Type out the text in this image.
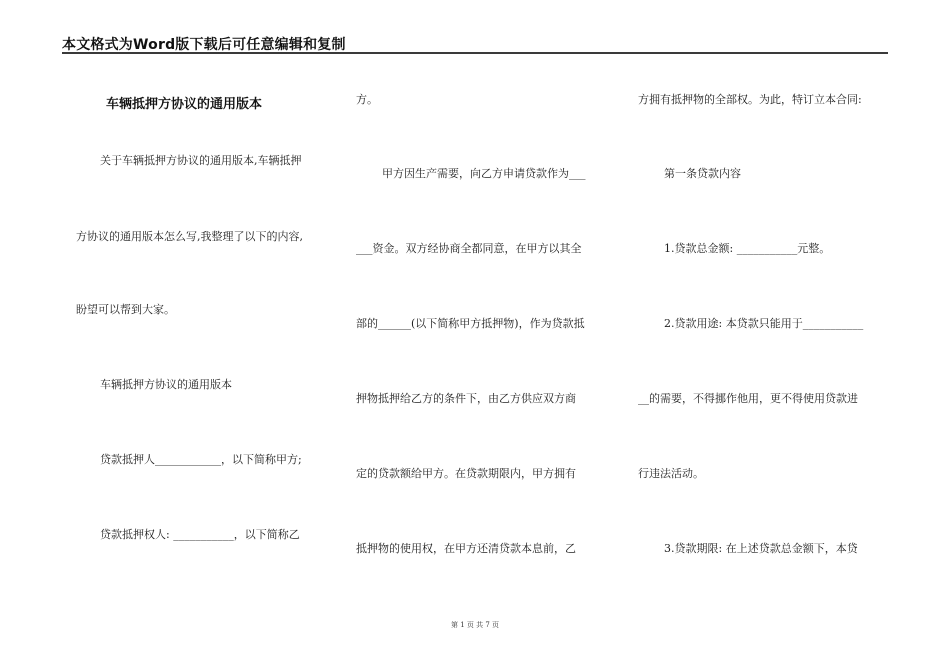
本文格式为Word版下载后可任意编辑和复制
车辆抵押方协议的通用版本
关于车辆抵押方协议的通用版本,车辆抵押
方协议的通用版本怎么写,我整理了以下的内容,
盼望可以帮到大家。
车辆抵押方协议的通用版本
贷款抵押人____________，以下简称甲方;
贷款抵押权人: ___________，以下简称乙
方。
甲方因生产需要，向乙方申请贷款作为___
___资金。双方经协商全都同意，在甲方以其全
部的______(以下简称甲方抵押物)，作为贷款抵
押物抵押给乙方的条件下，由乙方供应双方商
定的贷款额给甲方。在贷款期限内，甲方拥有
抵押物的使用权，在甲方还清贷款本息前，乙
方拥有抵押物的全部权。为此，特订立本合同:
第一条贷款内容
1.贷款总金额: ___________元整。
2.贷款用途: 本贷款只能用于___________
__的需要，不得挪作他用，更不得使用贷款进
行违法活动。
3.贷款期限: 在上述贷款总金额下，本贷
第 1 页 共 7 页
